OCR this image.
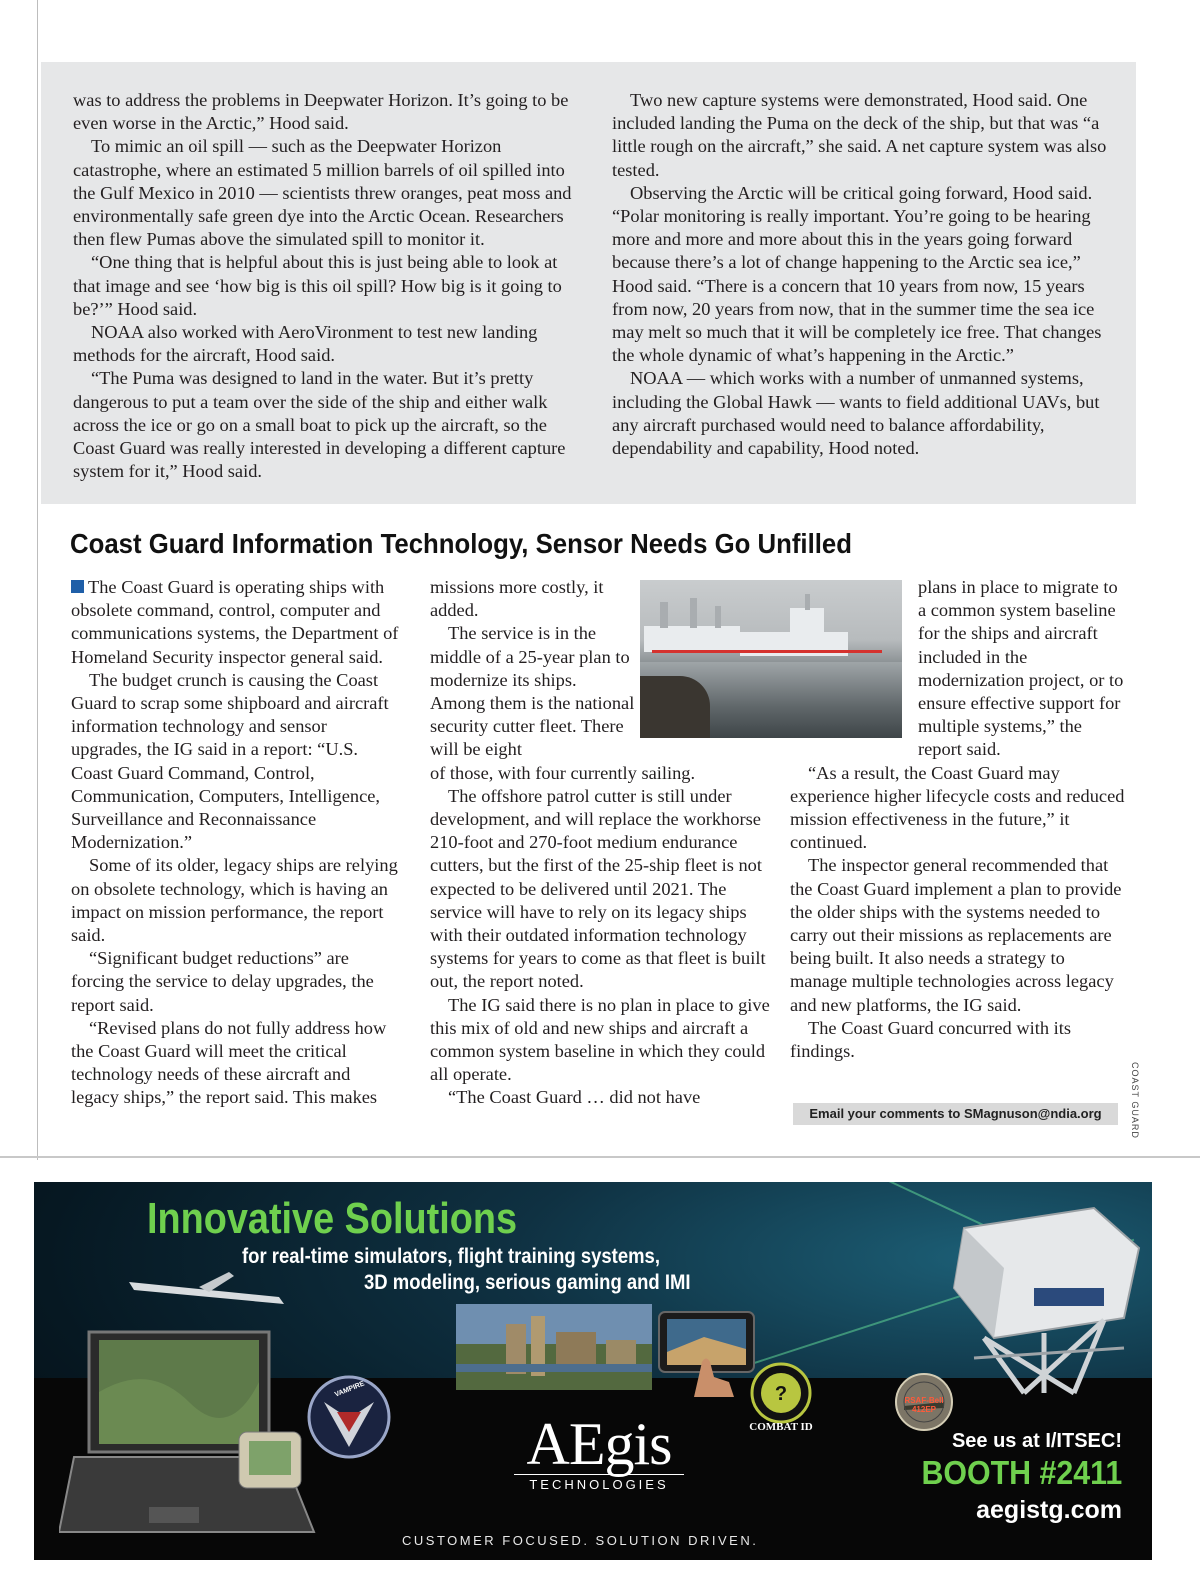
was to address the problems in Deepwater Horizon. It’s going to be even worse in the Arctic,” Hood said.

To mimic an oil spill — such as the Deepwater Horizon catastrophe, where an estimated 5 million barrels of oil spilled into the Gulf Mexico in 2010 — scientists threw oranges, peat moss and environmentally safe green dye into the Arctic Ocean. Researchers then flew Pumas above the simulated spill to monitor it.

“One thing that is helpful about this is just being able to look at that image and see ‘how big is this oil spill? How big is it going to be?’” Hood said.

NOAA also worked with AeroVironment to test new landing methods for the aircraft, Hood said.

“The Puma was designed to land in the water. But it’s pretty dangerous to put a team over the side of the ship and either walk across the ice or go on a small boat to pick up the aircraft, so the Coast Guard was really interested in developing a different capture system for it,” Hood said.

Two new capture systems were demonstrated, Hood said. One included landing the Puma on the deck of the ship, but that was “a little rough on the aircraft,” she said. A net capture system was also tested.

Observing the Arctic will be critical going forward, Hood said. “Polar monitoring is really important. You’re going to be hearing more and more and more about this in the years going forward because there’s a lot of change happening to the Arctic sea ice,” Hood said. “There is a concern that 10 years from now, 15 years from now, 20 years from now, that in the summer time the sea ice may melt so much that it will be completely ice free. That changes the whole dynamic of what’s happening in the Arctic.”

NOAA — which works with a number of unmanned systems, including the Global Hawk — wants to field additional UAVs, but any aircraft purchased would need to balance affordability, dependability and capability, Hood noted.

Coast Guard Information Technology, Sensor Needs Go Unfilled

The Coast Guard is operating ships with obsolete command, control, computer and communications systems, the Department of Homeland Security inspector general said.

The budget crunch is causing the Coast Guard to scrap some shipboard and aircraft information technology and sensor upgrades, the IG said in a report: “U.S. Coast Guard Command, Control, Communication, Computers, Intelligence, Surveillance and Reconnaissance Modernization.”

Some of its older, legacy ships are relying on obsolete technology, which is having an impact on mission performance, the report said.

“Significant budget reductions” are forcing the service to delay upgrades, the report said.

“Revised plans do not fully address how the Coast Guard will meet the critical technology needs of these aircraft and legacy ships,” the report said. This makes

missions more costly, it added.

The service is in the middle of a 25-year plan to modernize its ships. Among them is the national security cutter fleet. There will be eight

of those, with four currently sailing.

The offshore patrol cutter is still under development, and will replace the workhorse 210-foot and 270-foot medium endurance cutters, but the first of the 25-ship fleet is not expected to be delivered until 2021. The service will have to rely on its legacy ships with their outdated information technology systems for years to come as that fleet is built out, the report noted.

The IG said there is no plan in place to give this mix of old and new ships and aircraft a common system baseline in which they could all operate.

“The Coast Guard … did not have

plans in place to migrate to a common system baseline for the ships and aircraft included in the modernization project, or to ensure effective support for multiple systems,” the report said.

“As a result, the Coast Guard may experience higher lifecycle costs and reduced mission effectiveness in the future,” it continued.

The inspector general recommended that the Coast Guard implement a plan to provide the older ships with the systems needed to carry out their missions as replacements are being built. It also needs a strategy to manage multiple technologies across legacy and new platforms, the IG said.

The Coast Guard concurred with its findings.

COAST GUARD
Email your comments to SMagnuson@ndia.org
Innovative Solutions
for real-time simulators, flight training systems,
3D modeling, serious gaming and IMI
VAMPIRE	?
COMBAT ID
RSAF-Bell 412EP
AEgis
TECHNOLOGIES
CUSTOMER FOCUSED. SOLUTION DRIVEN.
See us at I/ITSEC!
BOOTH #2411
aegistg.com
